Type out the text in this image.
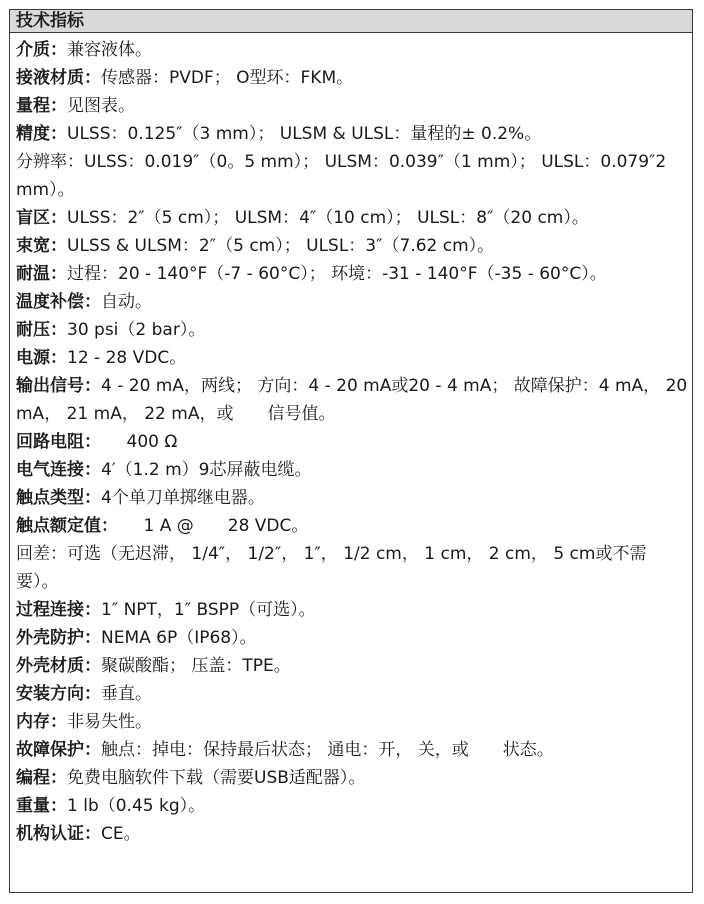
技术指标
介质：兼容液体。
接液材质：传感器：PVDF； O型环：FKM。
量程：见图表。
精度：ULSS：0.125″（3 mm）； ULSM & ULSL：量程的± 0.2%。
分辨率：ULSS：0.019″（0。5 mm）； ULSM：0.039″（1 mm）； ULSL：0.079″2 mm）。
盲区：ULSS：2″（5 cm）； ULSM：4″（10 cm）； ULSL：8″（20 cm）。
束宽：ULSS & ULSM：2″（5 cm）； ULSL：3″（7.62 cm）。
耐温：过程：20 - 140°F（-7 - 60°C）； 环境：-31 - 140°F（-35 - 60°C）。
温度补偿：自动。
耐压：30 psi（2 bar）。
电源：12 - 28 VDC。
输出信号：4 - 20 mA，两线； 方向：4 - 20 mA或20 - 4 mA； 故障保护：4 mA， 20 mA， 21 mA， 22 mA，或　　信号值。
回路电阻：　　400 Ω
电气连接：4′（1.2 m）9芯屏蔽电缆。
触点类型：4个单刀单掷继电器。
触点额定值：　　1 A @　　28 VDC。
回差：可选（无迟滞， 1/4″， 1/2″， 1″， 1/2 cm， 1 cm， 2 cm， 5 cm或不需要）。
过程连接：1″ NPT，1″ BSPP（可选）。
外壳防护：NEMA 6P（IP68）。
外壳材质：聚碳酸酯； 压盖：TPE。
安装方向：垂直。
内存：非易失性。
故障保护：触点：掉电：保持最后状态； 通电：开， 关，或　　状态。
编程：免费电脑软件下载（需要USB适配器）。
重量：1 lb（0.45 kg）。
机构认证：CE。
